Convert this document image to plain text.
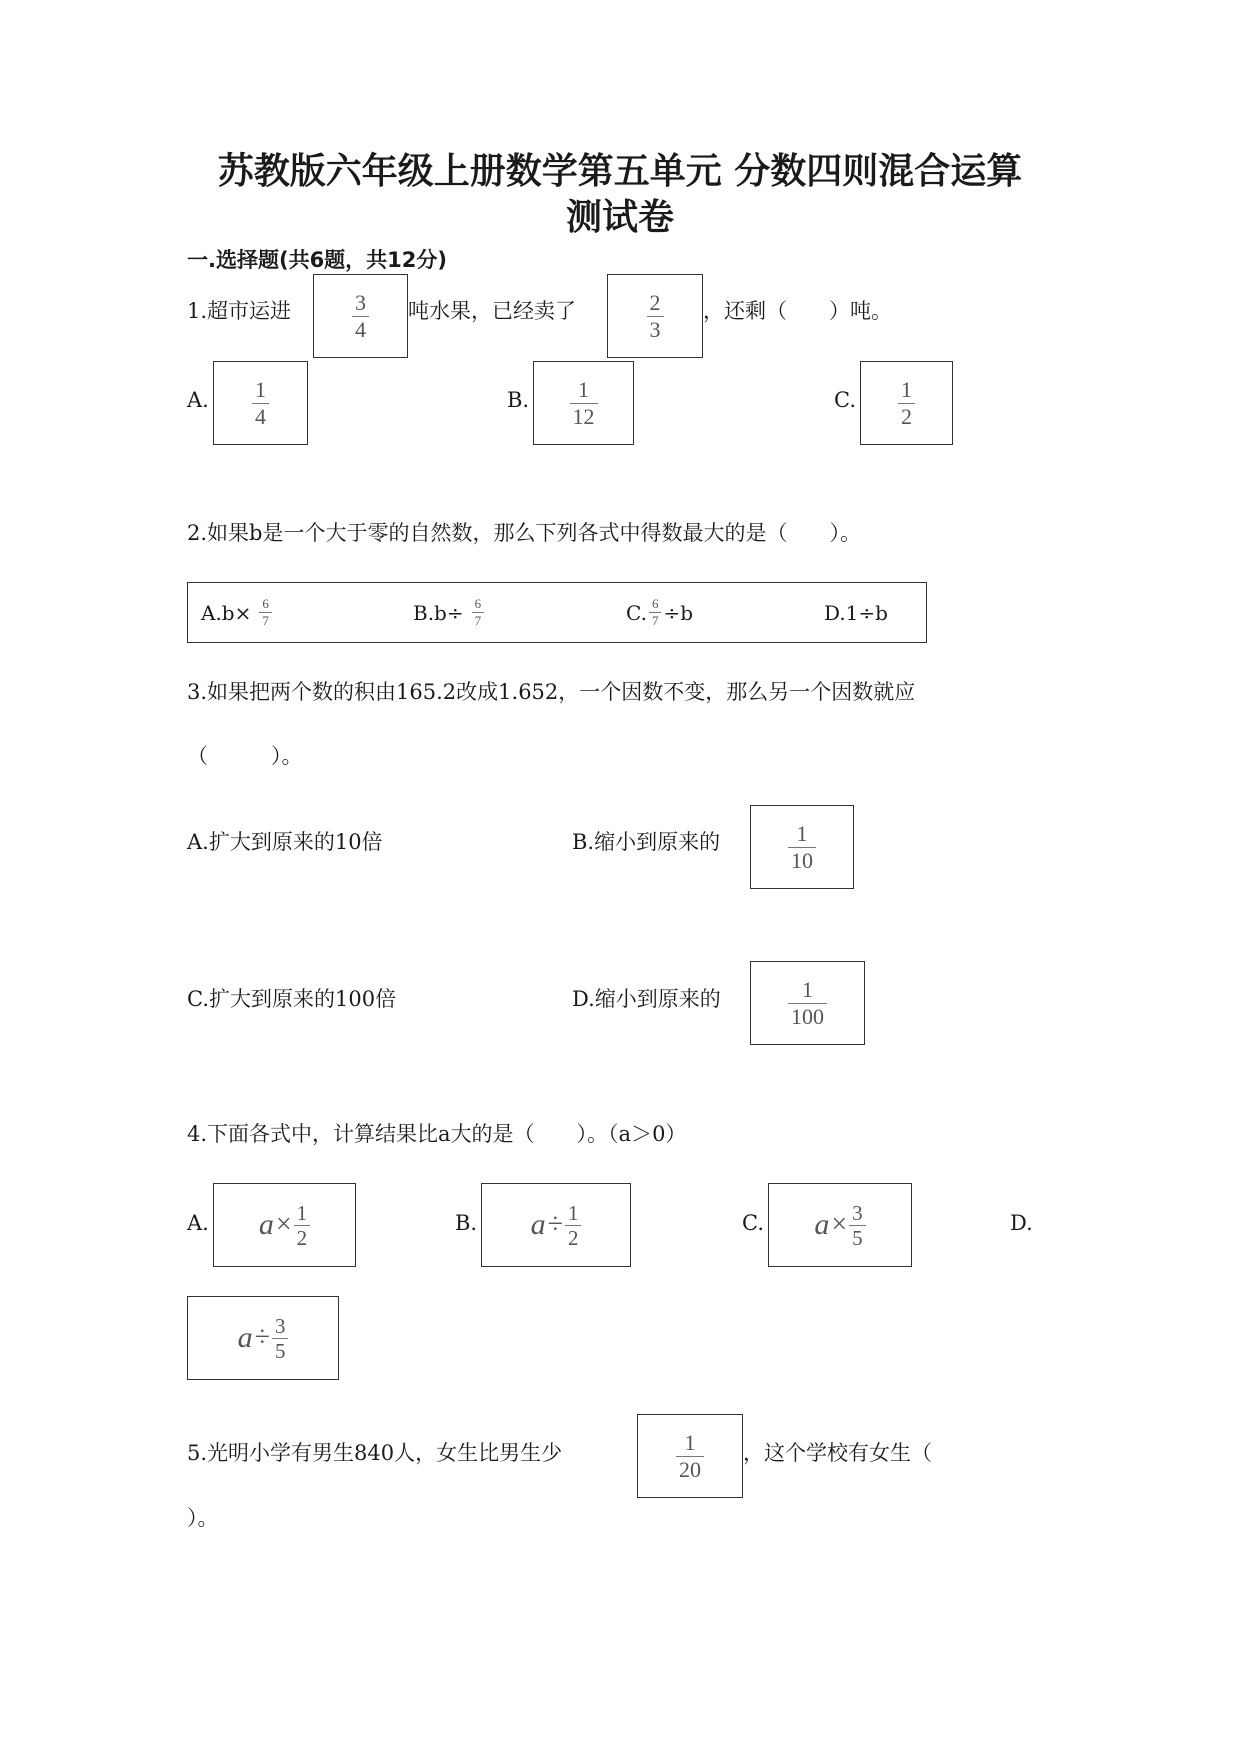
苏教版六年级上册数学第五单元 分数四则混合运算
测试卷
一.选择题(共6题，共12分)
1.超市运进	$\frac{3}{4}$ 吨水果，已经卖了	$\frac{2}{3}$ ，还剩（　　）吨。
A. $\frac{1}{4}$	B. $\frac{1}{12}$	C. $\frac{1}{2}$
2.如果b是一个大于零的自然数，那么下列各式中得数最大的是（　　）。
$A.b\times \frac{6}{7}$	$B.b\div \frac{6}{7}$	C. $\frac{6}{7} \div b$	D.1÷b
3.如果把两个数的积由165.2改成1.652，一个因数不变，那么另一个因数就应
（　　　）。
A.扩大到原来的10倍	B.缩小到原来的	$\frac{1}{10}$
C.扩大到原来的100倍	D.缩小到原来的	$\frac{1}{100}$
4.下面各式中，计算结果比a大的是（　　）。（a＞0）
A. $a \times \frac{1}{2}$	B. $a \div \frac{1}{2}$	C. $a \times \frac{3}{5}$	D.
$a \div \frac{3}{5}$
5.光明小学有男生840人，女生比男生少	$\frac{1}{20}$ ，这个学校有女生（
）。
